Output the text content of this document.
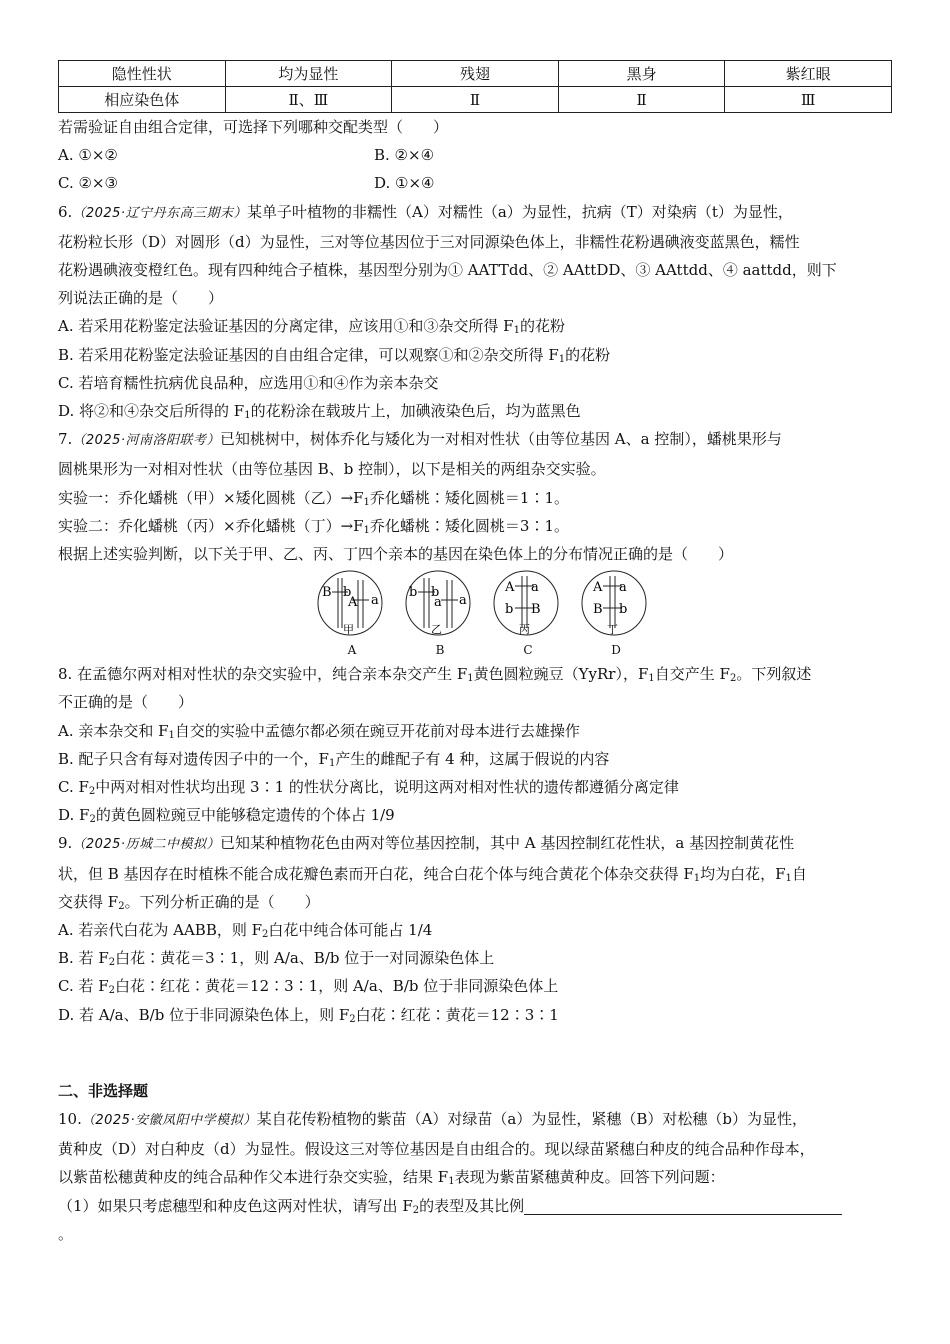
隐性性状	均为显性	残翅	黑身	紫红眼
相应染色体	Ⅱ、Ⅲ	Ⅱ	Ⅱ	Ⅲ
若需验证自由组合定律，可选择下列哪种交配类型（　　）
A. ①×②	B. ②×④
C. ②×③	D. ①×④
6.（2025·辽宁丹东高三期末）某单子叶植物的非糯性（A）对糯性（a）为显性，抗病（T）对染病（t）为显性，
花粉粒长形（D）对圆形（d）为显性，三对等位基因位于三对同源染色体上，非糯性花粉遇碘液变蓝黑色，糯性
花粉遇碘液变橙红色。现有四种纯合子植株，基因型分别为① AATTdd、② AAttDD、③ AAttdd、④ aattdd，则下
列说法正确的是（　　）
A. 若采用花粉鉴定法验证基因的分离定律，应该用①和③杂交所得 $F_1$的花粉
B. 若采用花粉鉴定法验证基因的自由组合定律，可以观察①和②杂交所得 $F_1$的花粉
C. 若培育糯性抗病优良品种，应选用①和④作为亲本杂交
D. 将②和④杂交后所得的 $F_1$的花粉涂在载玻片上，加碘液染色后，均为蓝黑色
7.（2025·河南洛阳联考）已知桃树中，树体乔化与矮化为一对相对性状（由等位基因 A、a 控制），蟠桃果形与
圆桃果形为一对相对性状（由等位基因 B、b 控制），以下是相关的两组杂交实验。
实验一：乔化蟠桃（甲）×矮化圆桃（乙）$\to F_1$乔化蟠桃∶矮化圆桃＝1∶1。
实验二：乔化蟠桃（丙）×乔化蟠桃（丁）$\to F_1$乔化蟠桃∶矮化圆桃＝3∶1。
根据上述实验判断，以下关于甲、乙、丙、丁四个亲本的基因在染色体上的分布情况正确的是（　　）
B b
A a
甲
A
b b
a a
乙
B
A a
b B
丙
C
A a
B b
丁
D
8. 在孟德尔两对相对性状的杂交实验中，纯合亲本杂交产生 $F_1$黄色圆粒豌豆（YyRr），$F_1$自交产生 $F_2$。下列叙述
不正确的是（　　）
A. 亲本杂交和 $F_1$自交的实验中孟德尔都必须在豌豆开花前对母本进行去雄操作
B. 配子只含有每对遗传因子中的一个，$F_1$产生的雌配子有 4 种，这属于假说的内容
C. $F_2$中两对相对性状均出现 3∶1 的性状分离比，说明这两对相对性状的遗传都遵循分离定律
D. $F_2$的黄色圆粒豌豆中能够稳定遗传的个体占 1/9
9.（2025·历城二中模拟）已知某种植物花色由两对等位基因控制，其中 A 基因控制红花性状，a 基因控制黄花性
状，但 B 基因存在时植株不能合成花瓣色素而开白花，纯合白花个体与纯合黄花个体杂交获得 $F_1$均为白花，$F_1$自
交获得 $F_2$。下列分析正确的是（　　）
A. 若亲代白花为 AABB，则 $F_2$白花中纯合体可能占 1/4
B. 若 $F_2$白花∶黄花＝3∶1，则 A/a、B/b 位于一对同源染色体上
C. 若 $F_2$白花∶红花∶黄花＝12∶3∶1，则 A/a、B/b 位于非同源染色体上
D. 若 A/a、B/b 位于非同源染色体上，则 $F_2$白花∶红花∶黄花＝12∶3∶1
二、非选择题
10.（2025·安徽凤阳中学模拟）某自花传粉植物的紫苗（A）对绿苗（a）为显性，紧穗（B）对松穗（b）为显性，
黄种皮（D）对白种皮（d）为显性。假设这三对等位基因是自由组合的。现以绿苗紧穗白种皮的纯合品种作母本，
以紫苗松穗黄种皮的纯合品种作父本进行杂交实验，结果 $F_1$表现为紫苗紧穗黄种皮。回答下列问题：
（1）如果只考虑穗型和种皮色这两对性状，请写出 $F_2$的表型及其比例
。
